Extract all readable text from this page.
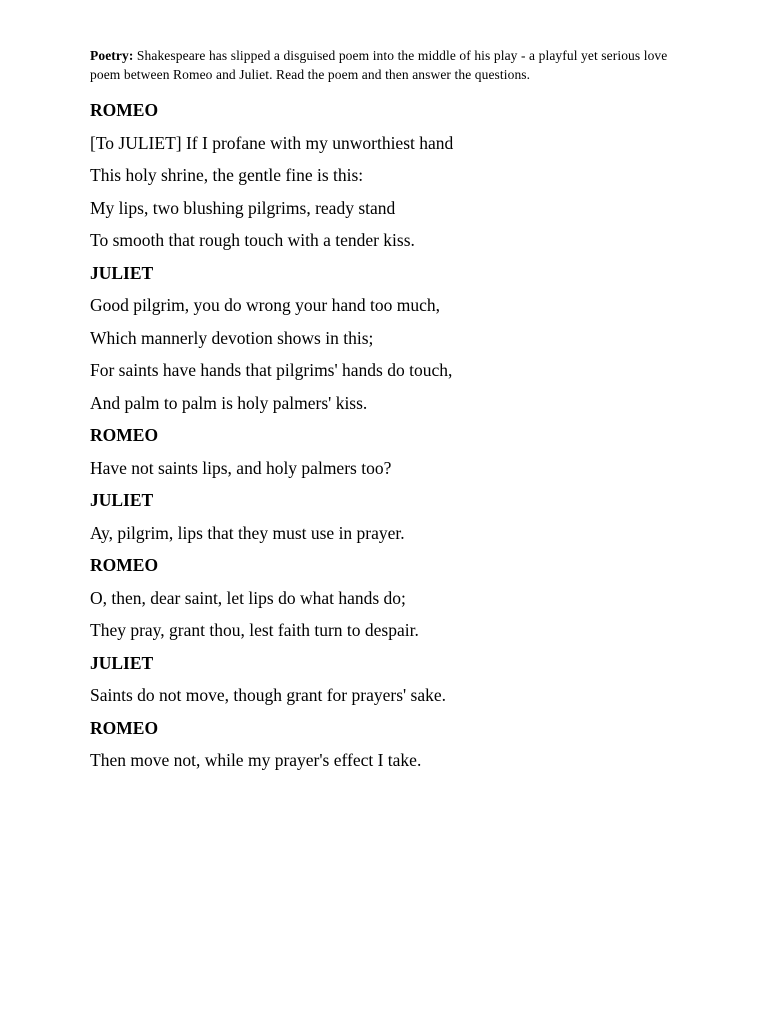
Poetry: Shakespeare has slipped a disguised poem into the middle of his play - a playful yet serious love poem between Romeo and Juliet. Read the poem and then answer the questions.
ROMEO
[To JULIET] If I profane with my unworthiest hand
This holy shrine, the gentle fine is this:
My lips, two blushing pilgrims, ready stand
To smooth that rough touch with a tender kiss.
JULIET
Good pilgrim, you do wrong your hand too much,
Which mannerly devotion shows in this;
For saints have hands that pilgrims' hands do touch,
And palm to palm is holy palmers' kiss.
ROMEO
Have not saints lips, and holy palmers too?
JULIET
Ay, pilgrim, lips that they must use in prayer.
ROMEO
O, then, dear saint, let lips do what hands do;
They pray, grant thou, lest faith turn to despair.
JULIET
Saints do not move, though grant for prayers' sake.
ROMEO
Then move not, while my prayer's effect I take.
